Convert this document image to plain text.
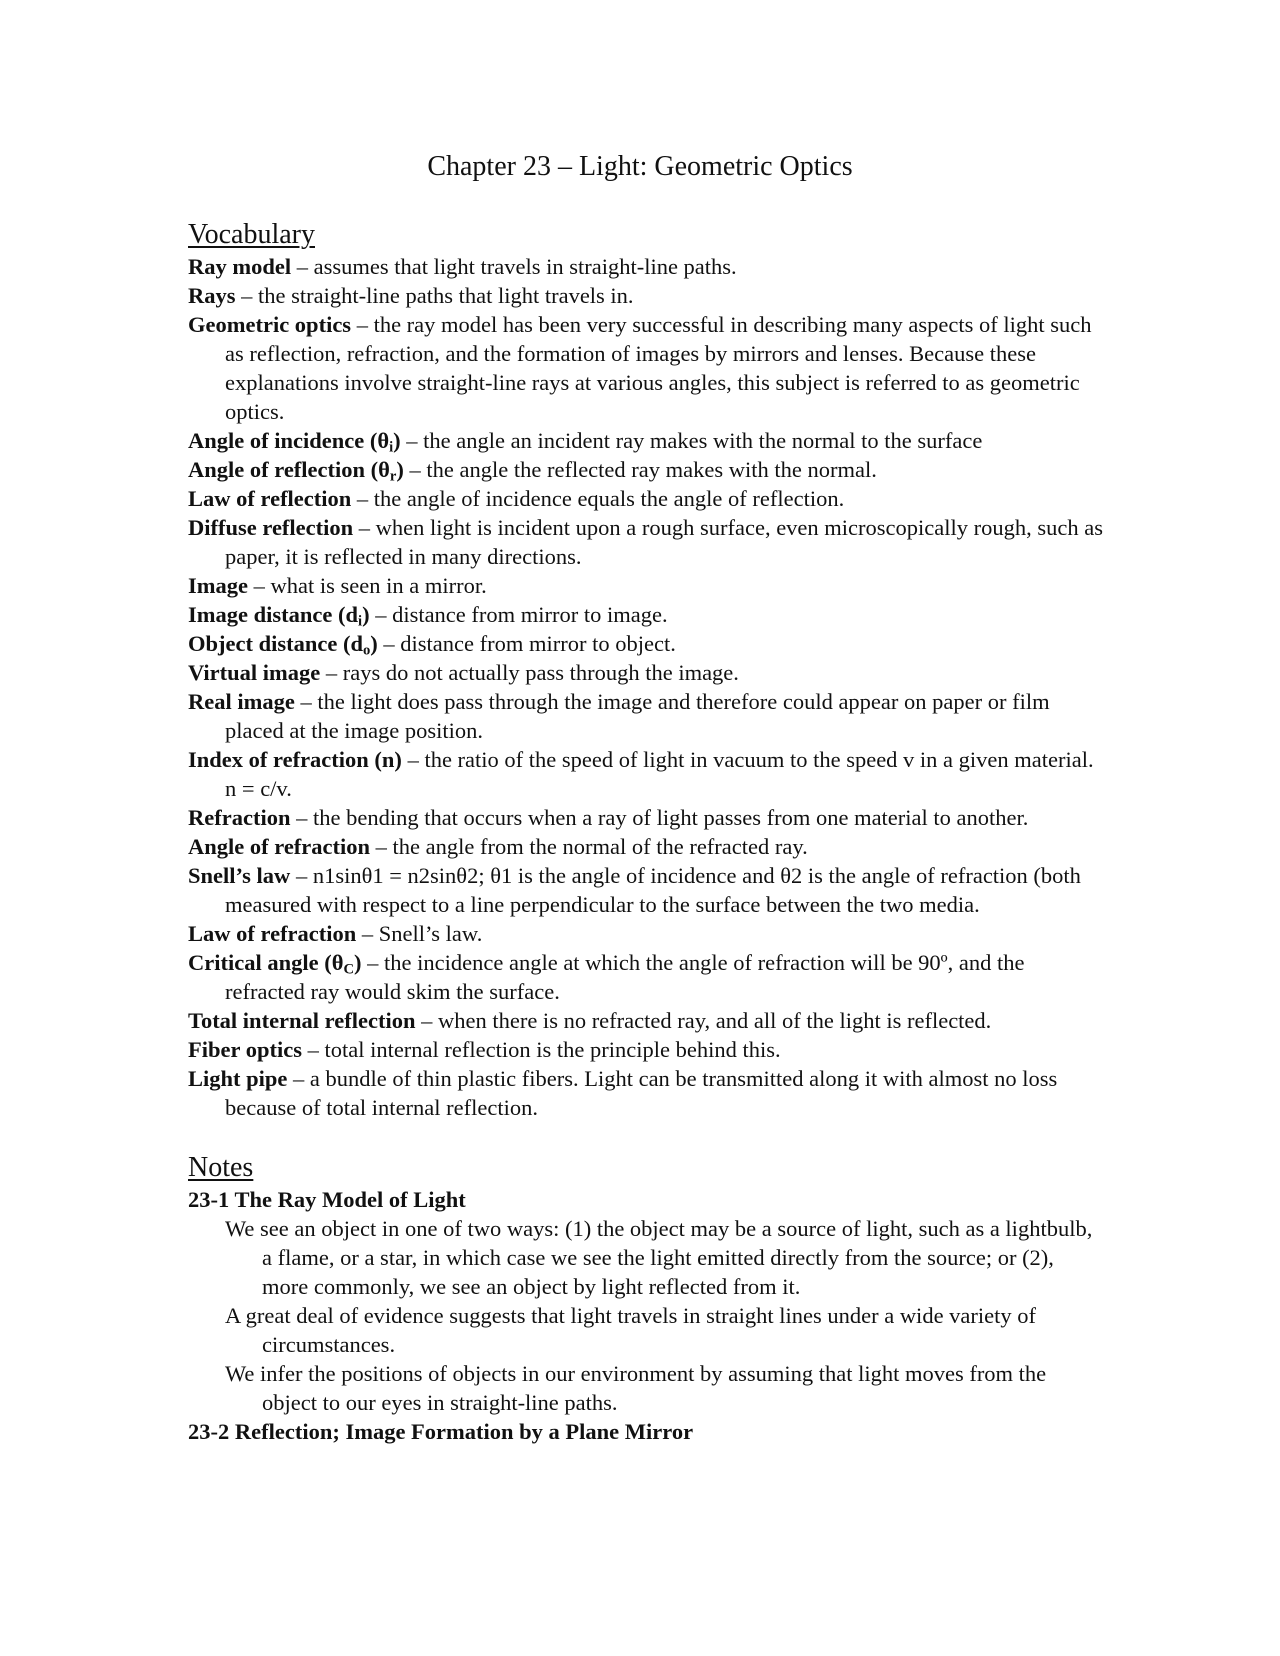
Chapter 23 – Light: Geometric Optics
Vocabulary

Ray model – assumes that light travels in straight-line paths.

Rays – the straight-line paths that light travels in.

Geometric optics – the ray model has been very successful in describing many aspects of light such as reflection, refraction, and the formation of images by mirrors and lenses. Because these explanations involve straight-line rays at various angles, this subject is referred to as geometric optics.

Angle of incidence $(\theta_i)$ – the angle an incident ray makes with the normal to the surface

Angle of reflection $(\theta_r)$ – the angle the reflected ray makes with the normal.

Law of reflection – the angle of incidence equals the angle of reflection.

Diffuse reflection – when light is incident upon a rough surface, even microscopically rough, such as paper, it is reflected in many directions.

Image – what is seen in a mirror.

Image distance $(d_i)$ – distance from mirror to image.

Object distance $(d_o)$ – distance from mirror to object.

Virtual image – rays do not actually pass through the image.

Real image – the light does pass through the image and therefore could appear on paper or film placed at the image position.

Index of refraction (n) – the ratio of the speed of light in vacuum to the speed v in a given material. n = c/v.

Refraction – the bending that occurs when a ray of light passes from one material to another.

Angle of refraction – the angle from the normal of the refracted ray.

Snell’s law – n1sinθ1 = n2sinθ2; θ1 is the angle of incidence and θ2 is the angle of refraction (both measured with respect to a line perpendicular to the surface between the two media.

Law of refraction – Snell’s law.

Critical angle $(\theta_C)$ – the incidence angle at which the angle of refraction will be 90º, and the refracted ray would skim the surface.

Total internal reflection – when there is no refracted ray, and all of the light is reflected.

Fiber optics – total internal reflection is the principle behind this.

Light pipe – a bundle of thin plastic fibers. Light can be transmitted along it with almost no loss because of total internal reflection.

Notes

23-1 The Ray Model of Light

We see an object in one of two ways: (1) the object may be a source of light, such as a lightbulb, a flame, or a star, in which case we see the light emitted directly from the source; or (2), more commonly, we see an object by light reflected from it.

A great deal of evidence suggests that light travels in straight lines under a wide variety of circumstances.

We infer the positions of objects in our environment by assuming that light moves from the object to our eyes in straight-line paths.

23-2 Reflection; Image Formation by a Plane Mirror
